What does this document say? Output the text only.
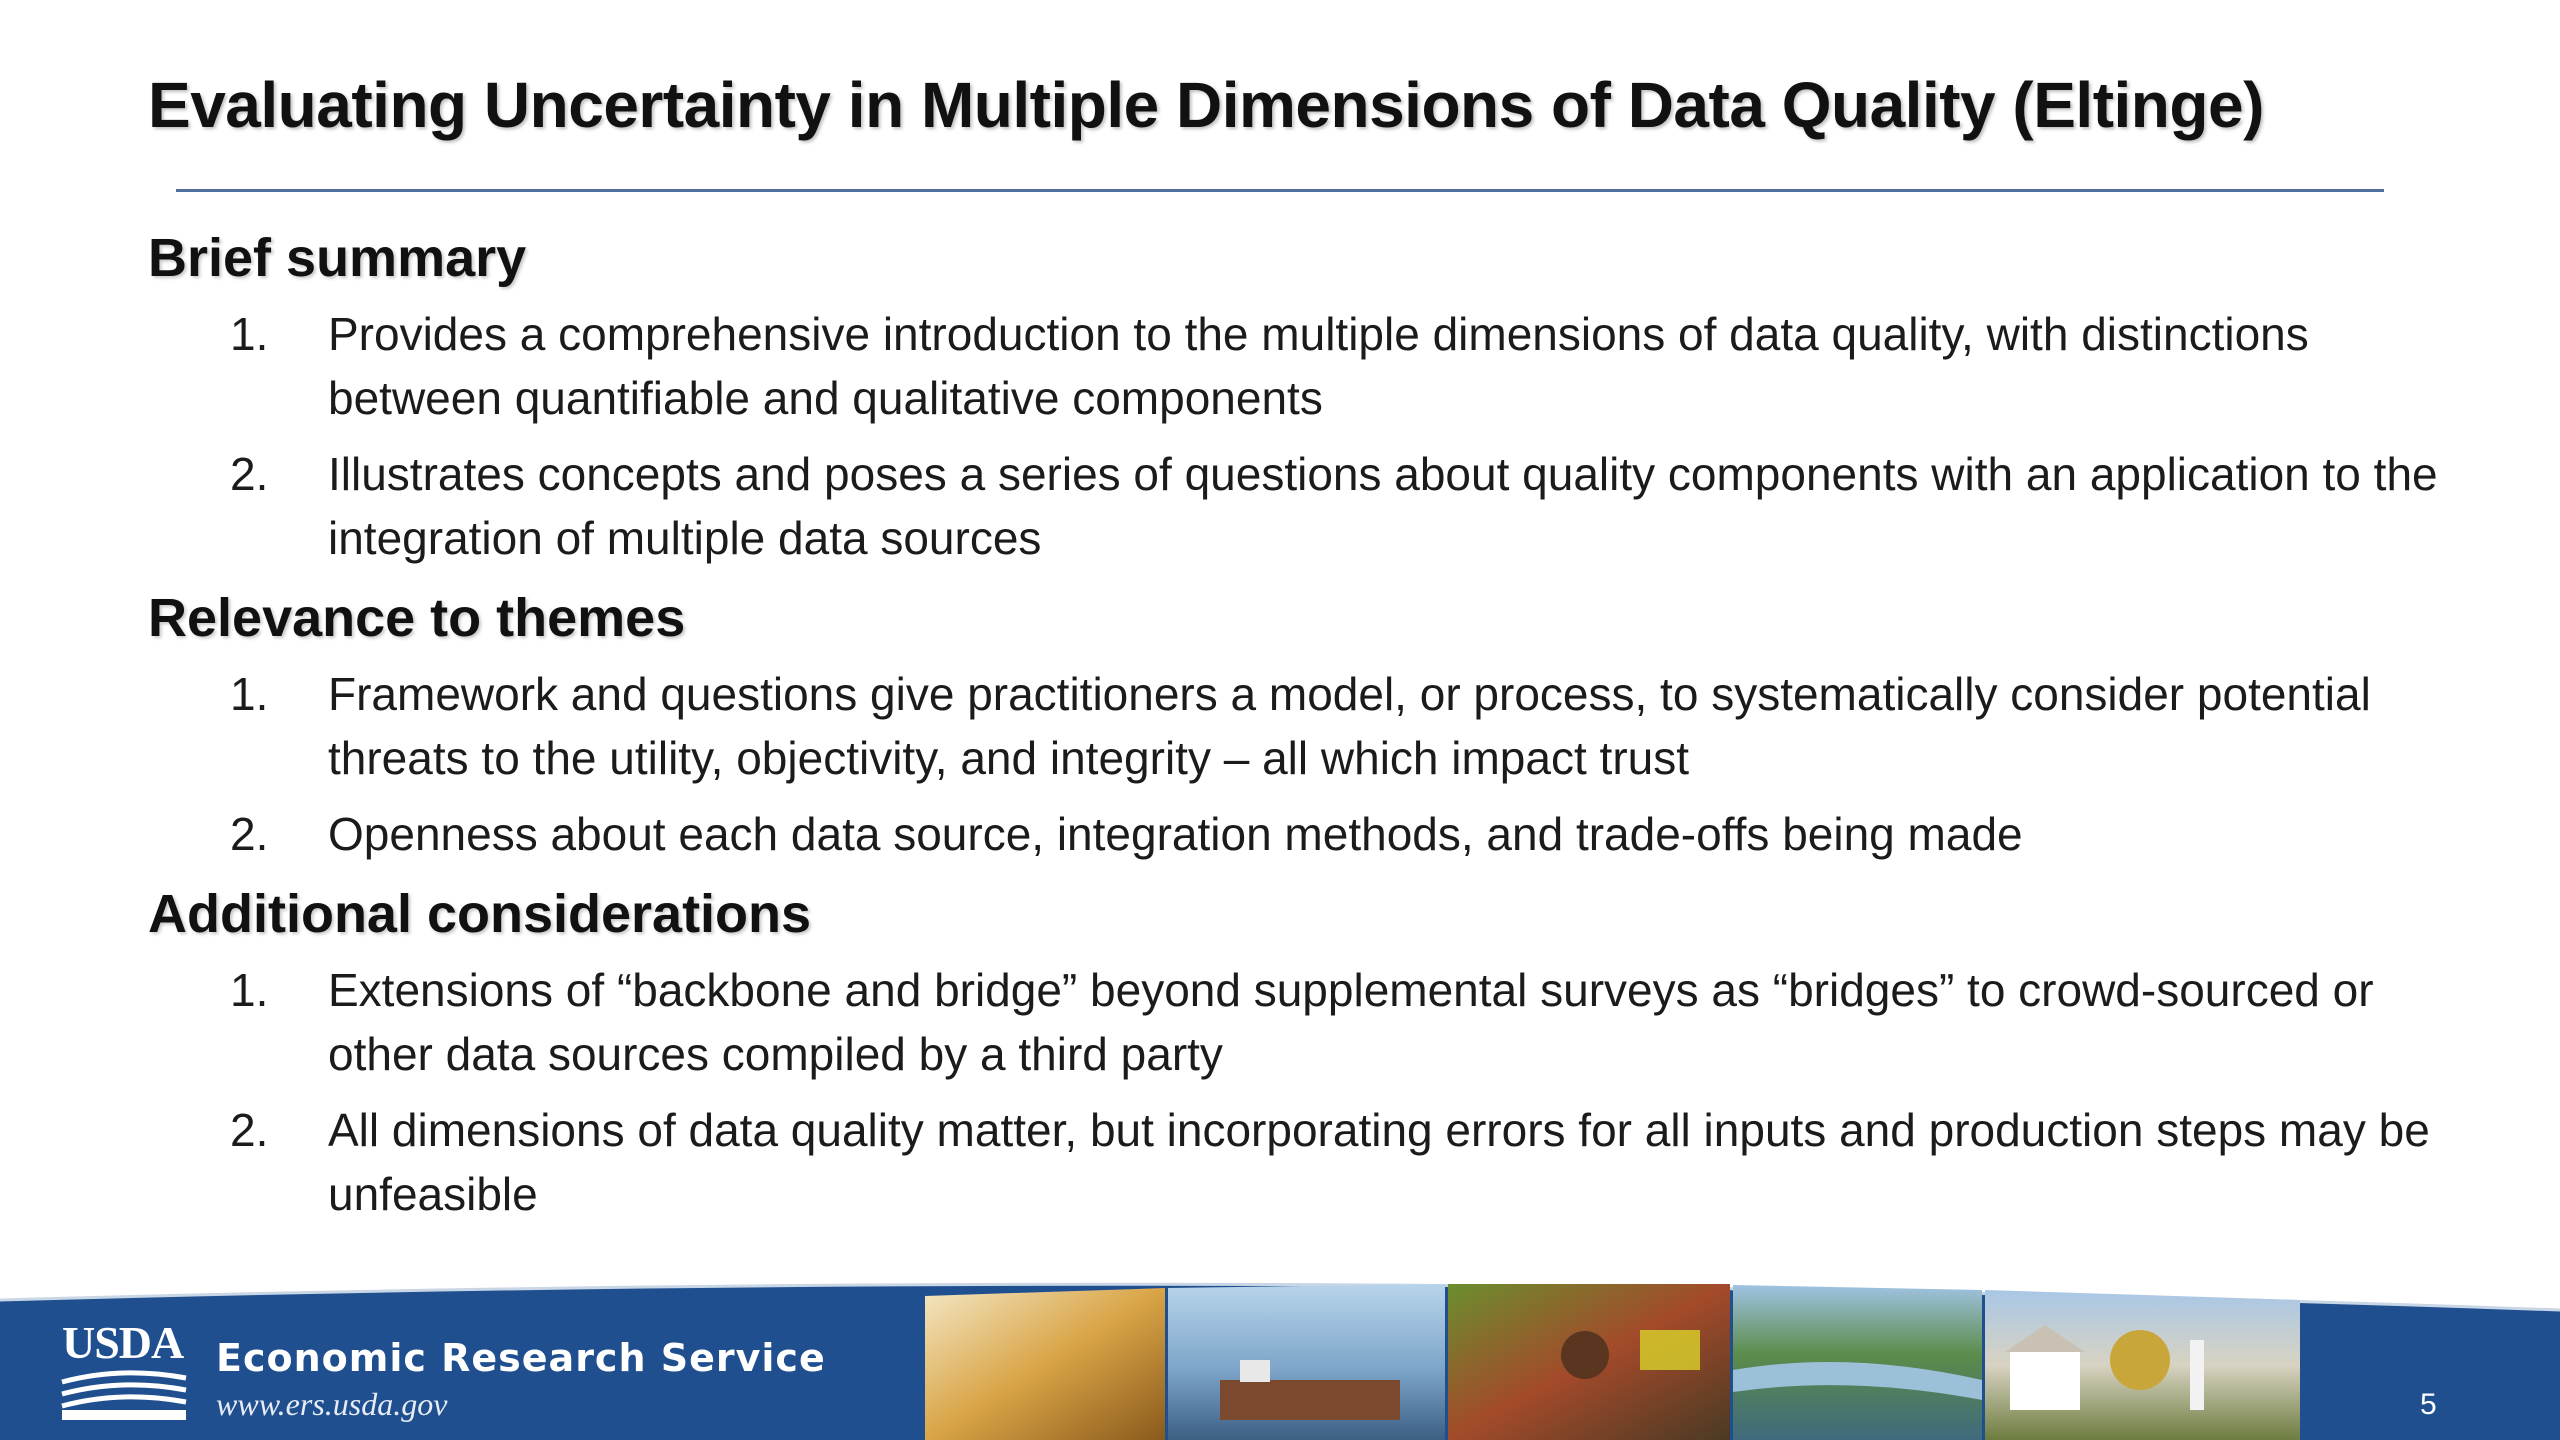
Evaluating Uncertainty in Multiple Dimensions of Data Quality (Eltinge)
Brief summary
1. Provides a comprehensive introduction to the multiple dimensions of data quality, with distinctions between quantifiable and qualitative components
2. Illustrates concepts and poses a series of questions about quality components with an application to the integration of multiple data sources
Relevance to themes
1. Framework and questions give practitioners a model, or process, to systematically consider potential threats to the utility, objectivity, and integrity – all which impact trust
2. Openness about each data source, integration methods, and trade-offs being made
Additional considerations
1. Extensions of “backbone and bridge” beyond supplemental surveys as “bridges” to crowd-sourced or other data sources compiled by a third party
2. All dimensions of data quality matter, but incorporating errors for all inputs and production steps may be unfeasible
USDA Economic Research Service
www.ers.usda.gov	5
